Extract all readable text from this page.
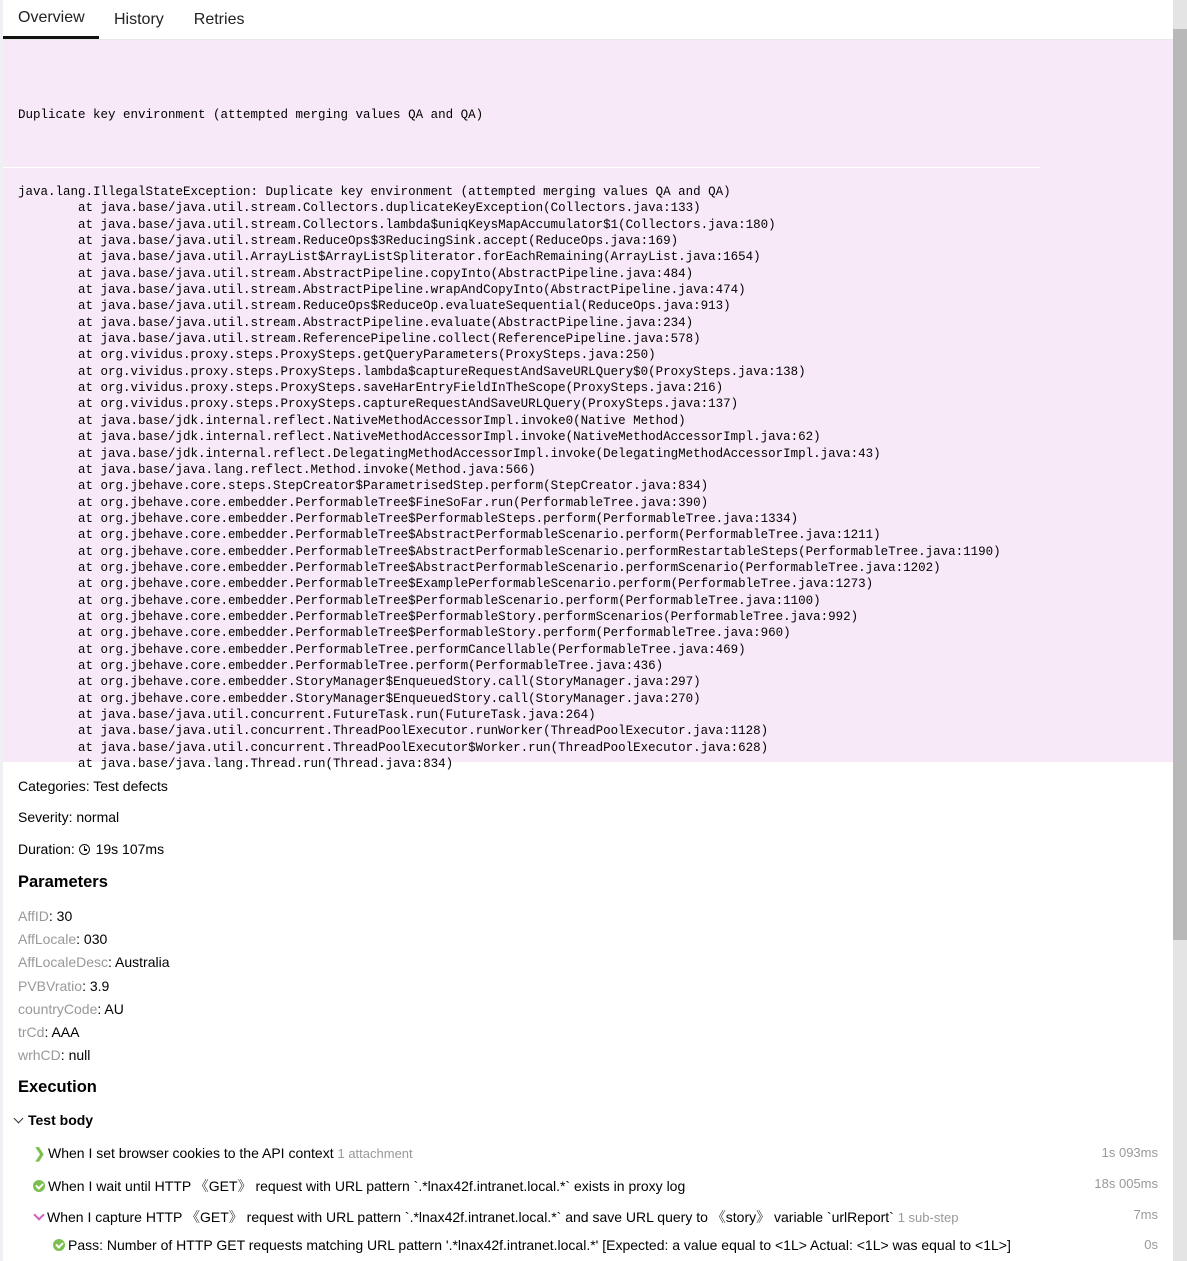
Overview	History	Retries
Duplicate key environment (attempted merging values QA and QA)
java.lang.IllegalStateException: Duplicate key environment (attempted merging values QA and QA)
	at java.base/java.util.stream.Collectors.duplicateKeyException(Collectors.java:133)
	at java.base/java.util.stream.Collectors.lambda$uniqKeysMapAccumulator$1(Collectors.java:180)
	at java.base/java.util.stream.ReduceOps$3ReducingSink.accept(ReduceOps.java:169)
	at java.base/java.util.ArrayList$ArrayListSpliterator.forEachRemaining(ArrayList.java:1654)
	at java.base/java.util.stream.AbstractPipeline.copyInto(AbstractPipeline.java:484)
	at java.base/java.util.stream.AbstractPipeline.wrapAndCopyInto(AbstractPipeline.java:474)
	at java.base/java.util.stream.ReduceOps$ReduceOp.evaluateSequential(ReduceOps.java:913)
	at java.base/java.util.stream.AbstractPipeline.evaluate(AbstractPipeline.java:234)
	at java.base/java.util.stream.ReferencePipeline.collect(ReferencePipeline.java:578)
	at org.vividus.proxy.steps.ProxySteps.getQueryParameters(ProxySteps.java:250)
	at org.vividus.proxy.steps.ProxySteps.lambda$captureRequestAndSaveURLQuery$0(ProxySteps.java:138)
	at org.vividus.proxy.steps.ProxySteps.saveHarEntryFieldInTheScope(ProxySteps.java:216)
	at org.vividus.proxy.steps.ProxySteps.captureRequestAndSaveURLQuery(ProxySteps.java:137)
	at java.base/jdk.internal.reflect.NativeMethodAccessorImpl.invoke0(Native Method)
	at java.base/jdk.internal.reflect.NativeMethodAccessorImpl.invoke(NativeMethodAccessorImpl.java:62)
	at java.base/jdk.internal.reflect.DelegatingMethodAccessorImpl.invoke(DelegatingMethodAccessorImpl.java:43)
	at java.base/java.lang.reflect.Method.invoke(Method.java:566)
	at org.jbehave.core.steps.StepCreator$ParametrisedStep.perform(StepCreator.java:834)
	at org.jbehave.core.embedder.PerformableTree$FineSoFar.run(PerformableTree.java:390)
	at org.jbehave.core.embedder.PerformableTree$PerformableSteps.perform(PerformableTree.java:1334)
	at org.jbehave.core.embedder.PerformableTree$AbstractPerformableScenario.perform(PerformableTree.java:1211)
	at org.jbehave.core.embedder.PerformableTree$AbstractPerformableScenario.performRestartableSteps(PerformableTree.java:1190)
	at org.jbehave.core.embedder.PerformableTree$AbstractPerformableScenario.performScenario(PerformableTree.java:1202)
	at org.jbehave.core.embedder.PerformableTree$ExamplePerformableScenario.perform(PerformableTree.java:1273)
	at org.jbehave.core.embedder.PerformableTree$PerformableScenario.perform(PerformableTree.java:1100)
	at org.jbehave.core.embedder.PerformableTree$PerformableStory.performScenarios(PerformableTree.java:992)
	at org.jbehave.core.embedder.PerformableTree$PerformableStory.perform(PerformableTree.java:960)
	at org.jbehave.core.embedder.PerformableTree.performCancellable(PerformableTree.java:469)
	at org.jbehave.core.embedder.PerformableTree.perform(PerformableTree.java:436)
	at org.jbehave.core.embedder.StoryManager$EnqueuedStory.call(StoryManager.java:297)
	at org.jbehave.core.embedder.StoryManager$EnqueuedStory.call(StoryManager.java:270)
	at java.base/java.util.concurrent.FutureTask.run(FutureTask.java:264)
	at java.base/java.util.concurrent.ThreadPoolExecutor.runWorker(ThreadPoolExecutor.java:1128)
	at java.base/java.util.concurrent.ThreadPoolExecutor$Worker.run(ThreadPoolExecutor.java:628)
	at java.base/java.lang.Thread.run(Thread.java:834)
Categories: Test defects
Severity: normal
Duration: 19s 107ms
Parameters
AffID: 30
AffLocale: 030
AffLocaleDesc: Australia
PVBVratio: 3.9
countryCode: AU
trCd: AAA
wrhCD: null
Execution
Test body
❯ When I set browser cookies to the API context 1 attachment	1s 093ms
When I wait until HTTP 《GET》 request with URL pattern `.*lnax42f.intranet.local.*` exists in proxy log	18s 005ms
When I capture HTTP 《GET》 request with URL pattern `.*lnax42f.intranet.local.*` and save URL query to 《story》 variable `urlReport` 1 sub-step	7ms
Pass: Number of HTTP GET requests matching URL pattern '.*lnax42f.intranet.local.*' [Expected: a value equal to <1L> Actual: <1L> was equal to <1L>]	0s
